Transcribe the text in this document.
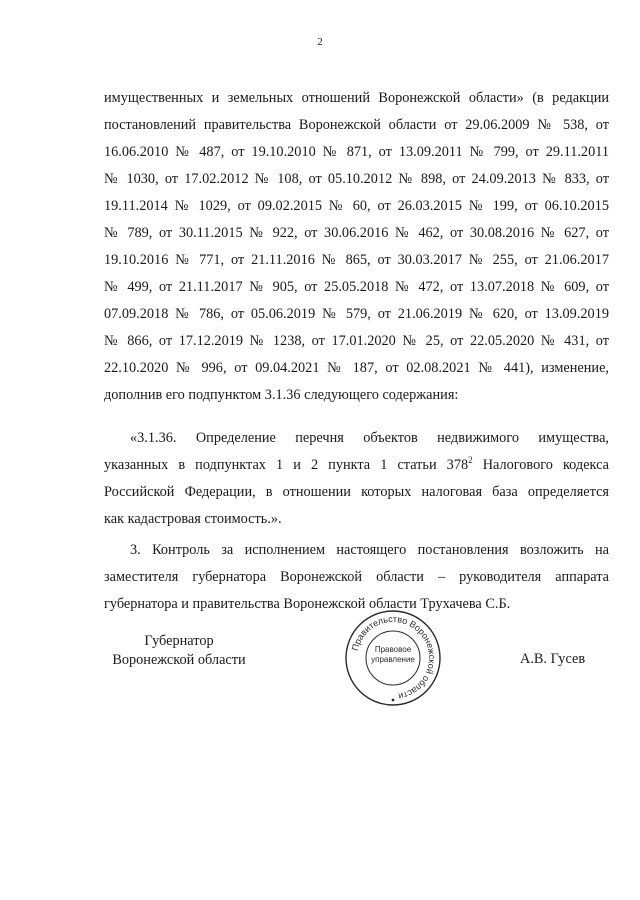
2
имущественных и земельных отношений Воронежской области» (в редакции
постановлений правительства Воронежской области от 29.06.2009 № 538, от
16.06.2010 № 487, от 19.10.2010 № 871, от 13.09.2011 № 799, от 29.11.2011
№ 1030, от 17.02.2012 № 108, от 05.10.2012 № 898, от 24.09.2013 № 833, от
19.11.2014 № 1029, от 09.02.2015 № 60, от 26.03.2015 № 199, от 06.10.2015
№ 789, от 30.11.2015 № 922, от 30.06.2016 № 462, от 30.08.2016 № 627, от
19.10.2016 № 771, от 21.11.2016 № 865, от 30.03.2017 № 255, от 21.06.2017
№ 499, от 21.11.2017 № 905, от 25.05.2018 № 472, от 13.07.2018 № 609, от
07.09.2018 № 786, от 05.06.2019 № 579, от 21.06.2019 № 620, от 13.09.2019
№ 866, от 17.12.2019 № 1238, от 17.01.2020 № 25, от 22.05.2020 № 431, от
22.10.2020 № 996, от 09.04.2021 № 187, от 02.08.2021 № 441), изменение,
дополнив его подпунктом 3.1.36 следующего содержания:
«3.1.36. Определение перечня объектов недвижимого имущества,
указанных в подпунктах 1 и 2 пункта 1 статьи $378^2$ Налогового кодекса
Российской Федерации, в отношении которых налоговая база определяется
как кадастровая стоимость.».
3. Контроль за исполнением настоящего постановления возложить на
заместителя губернатора Воронежской области – руководителя аппарата
губернатора и правительства Воронежской области Трухачева С.Б.
Губернатор
Воронежской области
Правительство Воронежской области
Правовое
управление	А.В. Гусев
